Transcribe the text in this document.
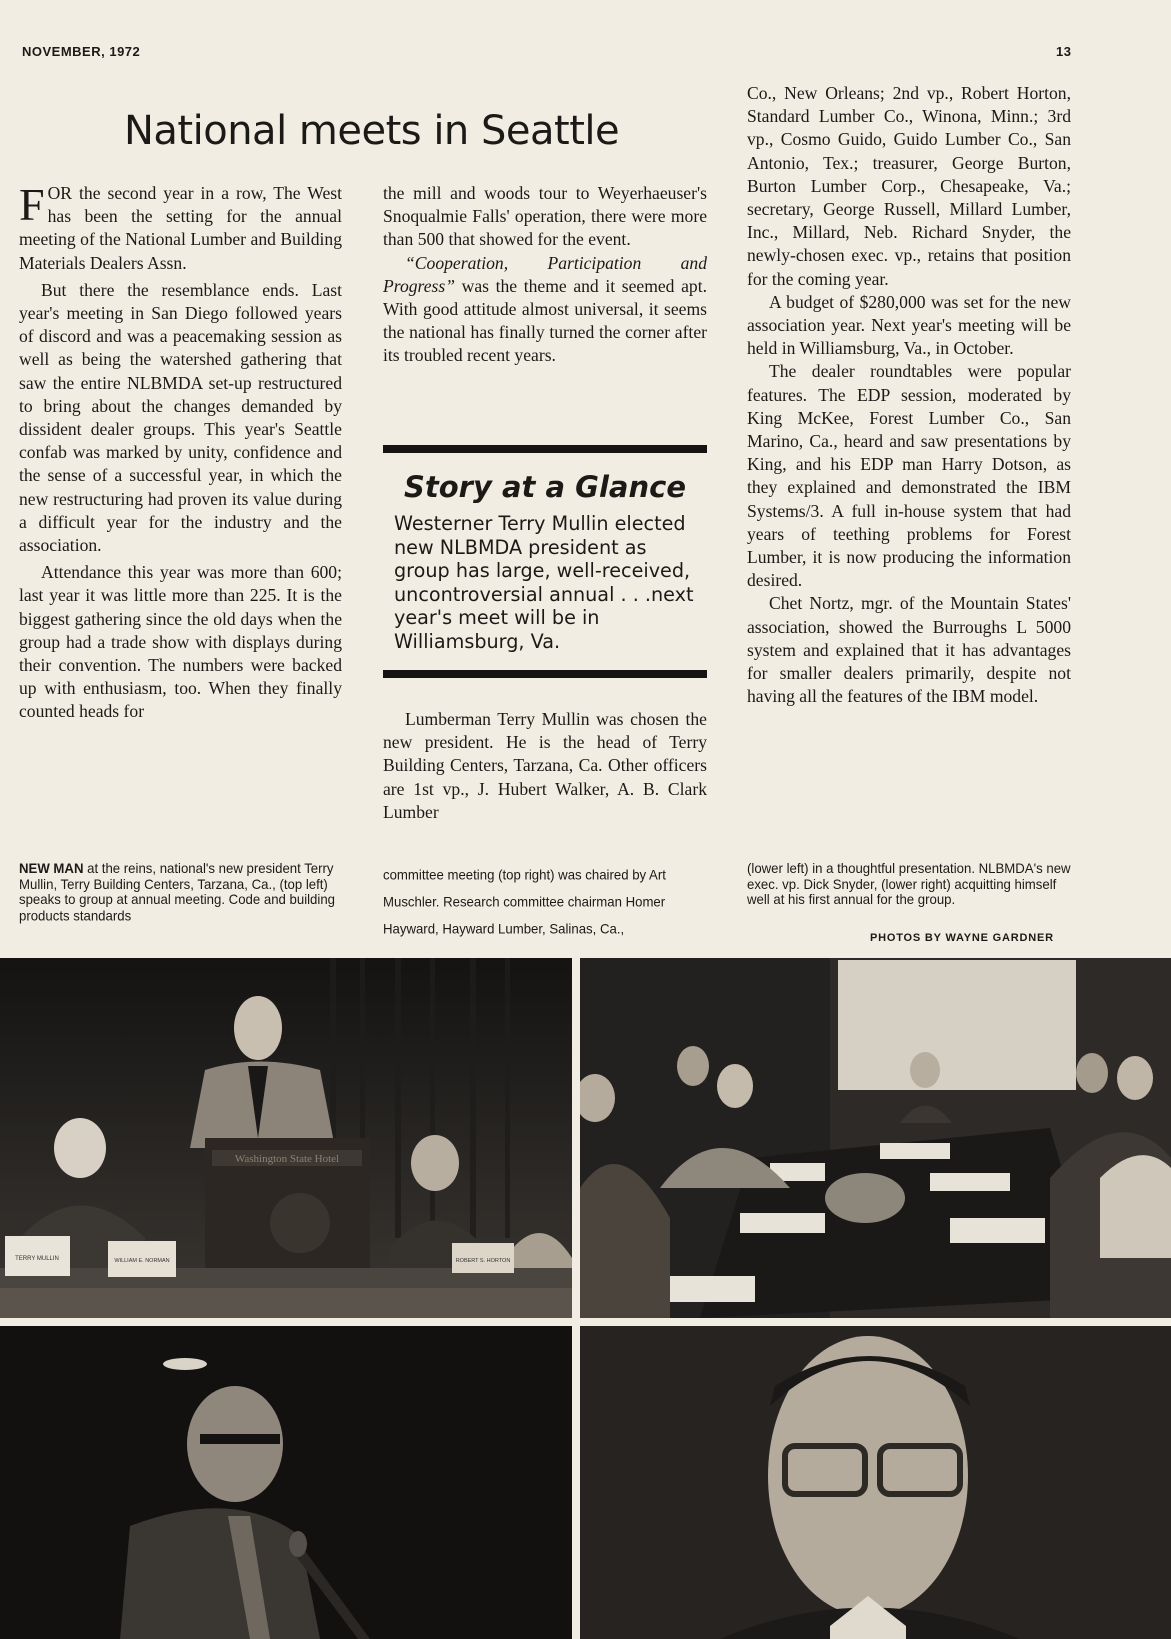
NOVEMBER, 1972	13
National meets in Seattle

FOR the second year in a row, The West has been the setting for the annual meeting of the National Lumber and Building Materials Dealers Assn.

But there the resemblance ends. Last year's meeting in San Diego followed years of discord and was a peacemaking session as well as being the watershed gathering that saw the entire NLBMDA set-up restructured to bring about the changes demanded by dissident dealer groups. This year's Seattle confab was marked by unity, confidence and the sense of a successful year, in which the new restructuring had proven its value during a difficult year for the industry and the association.

Attendance this year was more than 600; last year it was little more than 225. It is the biggest gathering since the old days when the group had a trade show with displays during their convention. The numbers were backed up with enthusiasm, too. When they finally counted heads for

the mill and woods tour to Weyerhaeuser's Snoqualmie Falls' operation, there were more than 500 that showed for the event.

“Cooperation, Participation and Progress” was the theme and it seemed apt. With good attitude almost universal, it seems the national has finally turned the corner after its troubled recent years.

Story at a Glance
Westerner Terry Mullin elected new NLBMDA president as group has large, well-received, uncontroversial annual . . .next year's meet will be in Williamsburg, Va.

Lumberman Terry Mullin was chosen the new president. He is the head of Terry Building Centers, Tarzana, Ca. Other officers are 1st vp., J. Hubert Walker, A. B. Clark Lumber

Co., New Orleans; 2nd vp., Robert Horton, Standard Lumber Co., Winona, Minn.; 3rd vp., Cosmo Guido, Guido Lumber Co., San Antonio, Tex.; treasurer, George Burton, Burton Lumber Corp., Chesapeake, Va.; secretary, George Russell, Millard Lumber, Inc., Millard, Neb. Richard Snyder, the newly-chosen exec. vp., retains that position for the coming year.

A budget of $280,000 was set for the new association year. Next year's meeting will be held in Williamsburg, Va., in October.

The dealer roundtables were popular features. The EDP session, moderated by King McKee, Forest Lumber Co., San Marino, Ca., heard and saw presentations by King, and his EDP man Harry Dotson, as they explained and demonstrated the IBM Systems/3. A full in-house system that had years of teething problems for Forest Lumber, it is now producing the information desired.

Chet Nortz, mgr. of the Mountain States' association, showed the Burroughs L 5000 system and explained that it has advantages for smaller dealers primarily, despite not having all the features of the IBM model.

NEW MAN at the reins, national's new president Terry Mullin, Terry Building Centers, Tarzana, Ca., (top left) speaks to group at annual meeting. Code and building products standards
committee meeting (top right) was chaired by Art Muschler. Research committee chairman Homer Hayward, Hayward Lumber, Salinas, Ca.,
(lower left) in a thoughtful presentation. NLBMDA's new exec. vp. Dick Snyder, (lower right) acquitting himself well at his first annual for the group.
PHOTOS BY WAYNE GARDNER
Washington State Hotel
TERRY MULLIN	WILLIAM E. NORMAN	ROBERT S. HORTON
